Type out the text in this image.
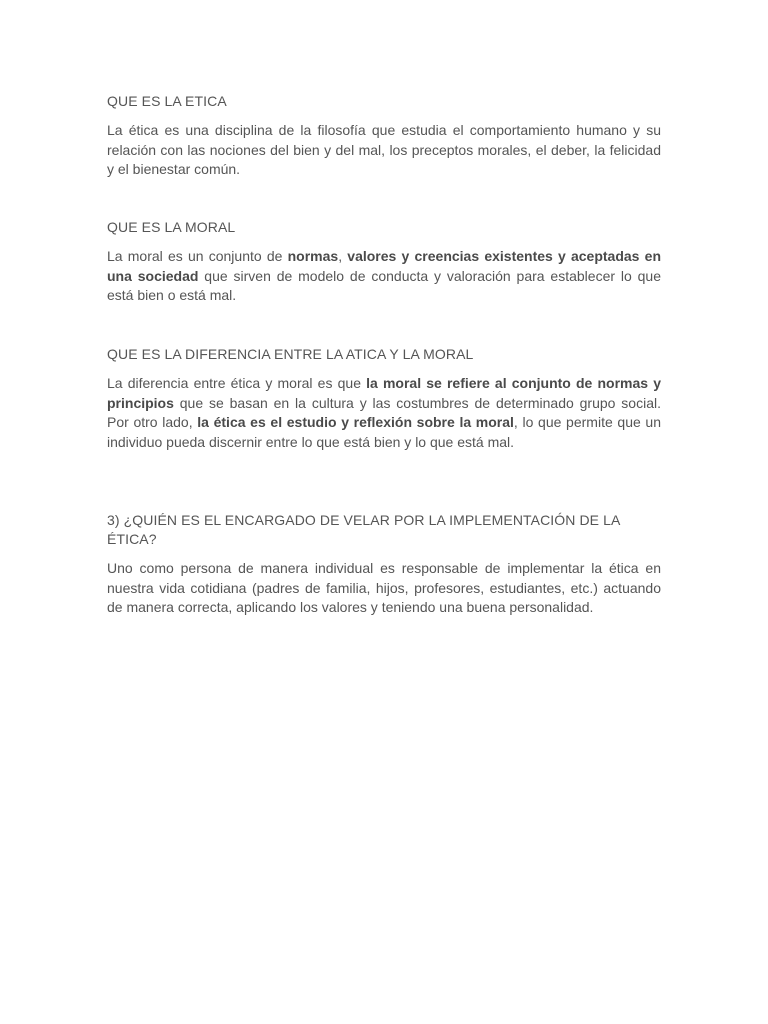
QUE ES LA ETICA

La ética es una disciplina de la filosofía que estudia el comportamiento humano y su relación con las nociones del bien y del mal, los preceptos morales, el deber, la felicidad y el bienestar común.

QUE ES LA MORAL

La moral es un conjunto de normas, valores y creencias existentes y aceptadas en una sociedad que sirven de modelo de conducta y valoración para establecer lo que está bien o está mal.

QUE ES LA DIFERENCIA ENTRE LA ATICA Y LA MORAL

La diferencia entre ética y moral es que la moral se refiere al conjunto de normas y principios que se basan en la cultura y las costumbres de determinado grupo social. Por otro lado, la ética es el estudio y reflexión sobre la moral, lo que permite que un individuo pueda discernir entre lo que está bien y lo que está mal.

3) ¿QUIÉN ES EL ENCARGADO DE VELAR POR LA IMPLEMENTACIÓN DE LA ÉTICA?

Uno como persona de manera individual es responsable de implementar la ética en nuestra vida cotidiana (padres de familia, hijos, profesores, estudiantes, etc.) actuando de manera correcta, aplicando los valores y teniendo una buena personalidad.
